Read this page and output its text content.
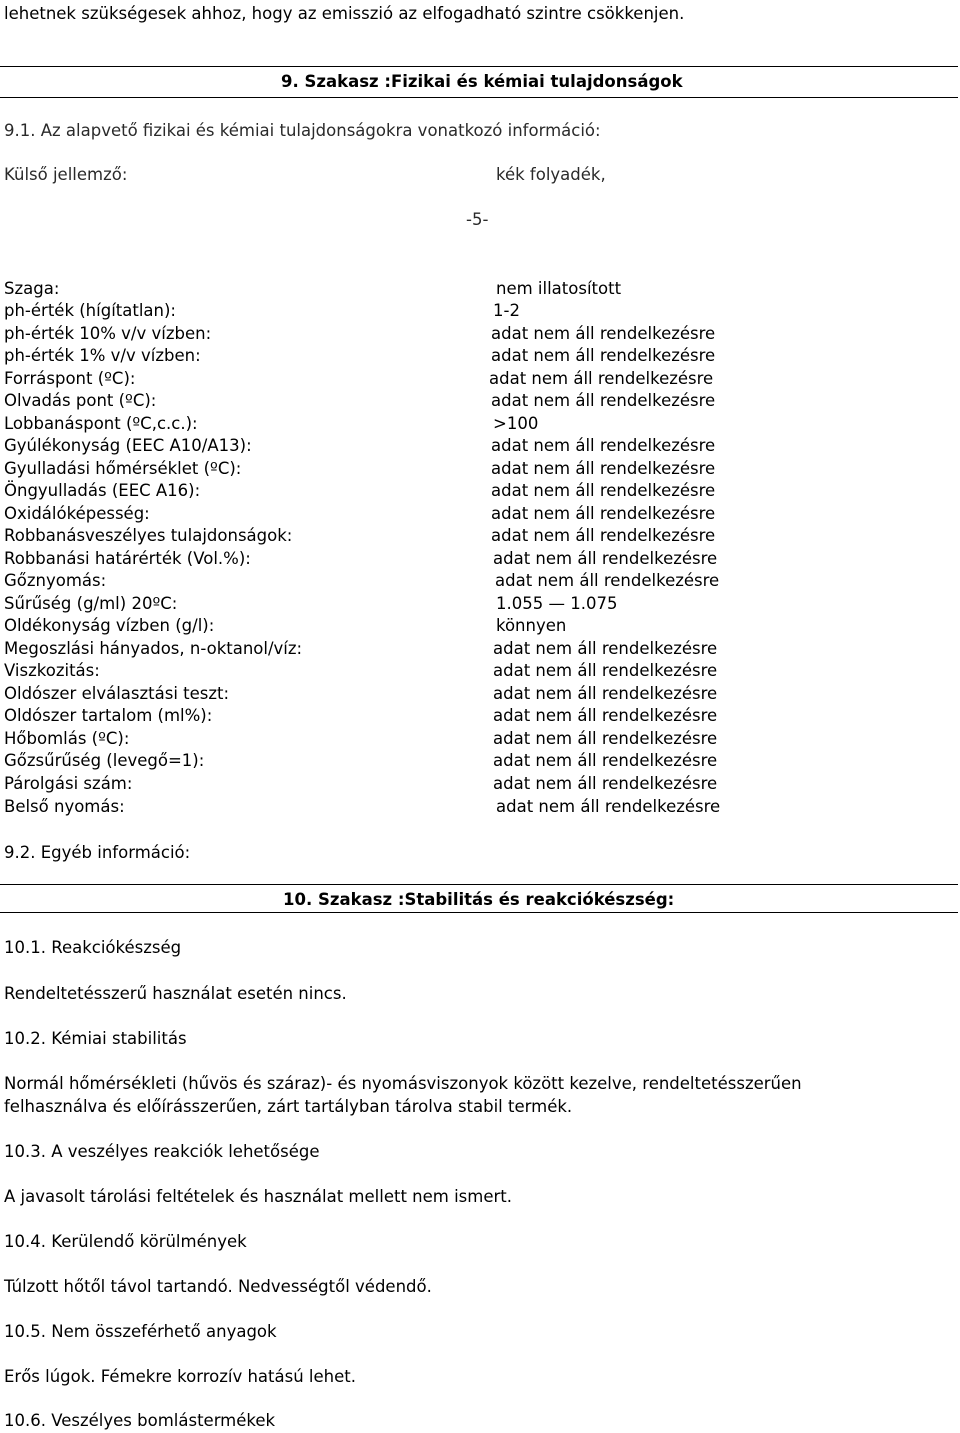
lehetnek szükségesek ahhoz, hogy az emisszió az elfogadható szintre csökkenjen.
9. Szakasz :Fizikai és kémiai tulajdonságok
9.1. Az alapvető fizikai és kémiai tulajdonságokra vonatkozó információ:
Külső jellemző:	kék folyadék,
-5-
Szaga:	nem illatosított
ph-érték (hígítatlan):	1-2
ph-érték 10% v/v vízben:	adat nem áll rendelkezésre
ph-érték 1% v/v vízben:	adat nem áll rendelkezésre
Forráspont (ºC):	adat nem áll rendelkezésre
Olvadás pont (ºC):	adat nem áll rendelkezésre
Lobbanáspont (ºC,c.c.):	>100
Gyúlékonyság (EEC A10/A13):	adat nem áll rendelkezésre
Gyulladási hőmérséklet (ºC):	adat nem áll rendelkezésre
Öngyulladás (EEC A16):	adat nem áll rendelkezésre
Oxidálóképesség:	adat nem áll rendelkezésre
Robbanásveszélyes tulajdonságok:	adat nem áll rendelkezésre
Robbanási határérték (Vol.%):	adat nem áll rendelkezésre
Gőznyomás:	adat nem áll rendelkezésre
Sűrűség (g/ml) 20ºC:	1.055 — 1.075
Oldékonyság vízben (g/l):	könnyen
Megoszlási hányados, n-oktanol/víz:	adat nem áll rendelkezésre
Viszkozitás:	adat nem áll rendelkezésre
Oldószer elválasztási teszt:	adat nem áll rendelkezésre
Oldószer tartalom (ml%):	adat nem áll rendelkezésre
Hőbomlás (ºC):	adat nem áll rendelkezésre
Gőzsűrűség (levegő=1):	adat nem áll rendelkezésre
Párolgási szám:	adat nem áll rendelkezésre
Belső nyomás:	adat nem áll rendelkezésre
9.2. Egyéb információ:
10. Szakasz :Stabilitás és reakciókészség:
10.1. Reakciókészség
Rendeltetésszerű használat esetén nincs.
10.2. Kémiai stabilitás
Normál hőmérsékleti (hűvös és száraz)- és nyomásviszonyok között kezelve, rendeltetésszerűen
felhasználva és előírásszerűen, zárt tartályban tárolva stabil termék.
10.3. A veszélyes reakciók lehetősége
A javasolt tárolási feltételek és használat mellett nem ismert.
10.4. Kerülendő körülmények
Túlzott hőtől távol tartandó. Nedvességtől védendő.
10.5. Nem összeférhető anyagok
Erős lúgok. Fémekre korrozív hatású lehet.
10.6. Veszélyes bomlástermékek
